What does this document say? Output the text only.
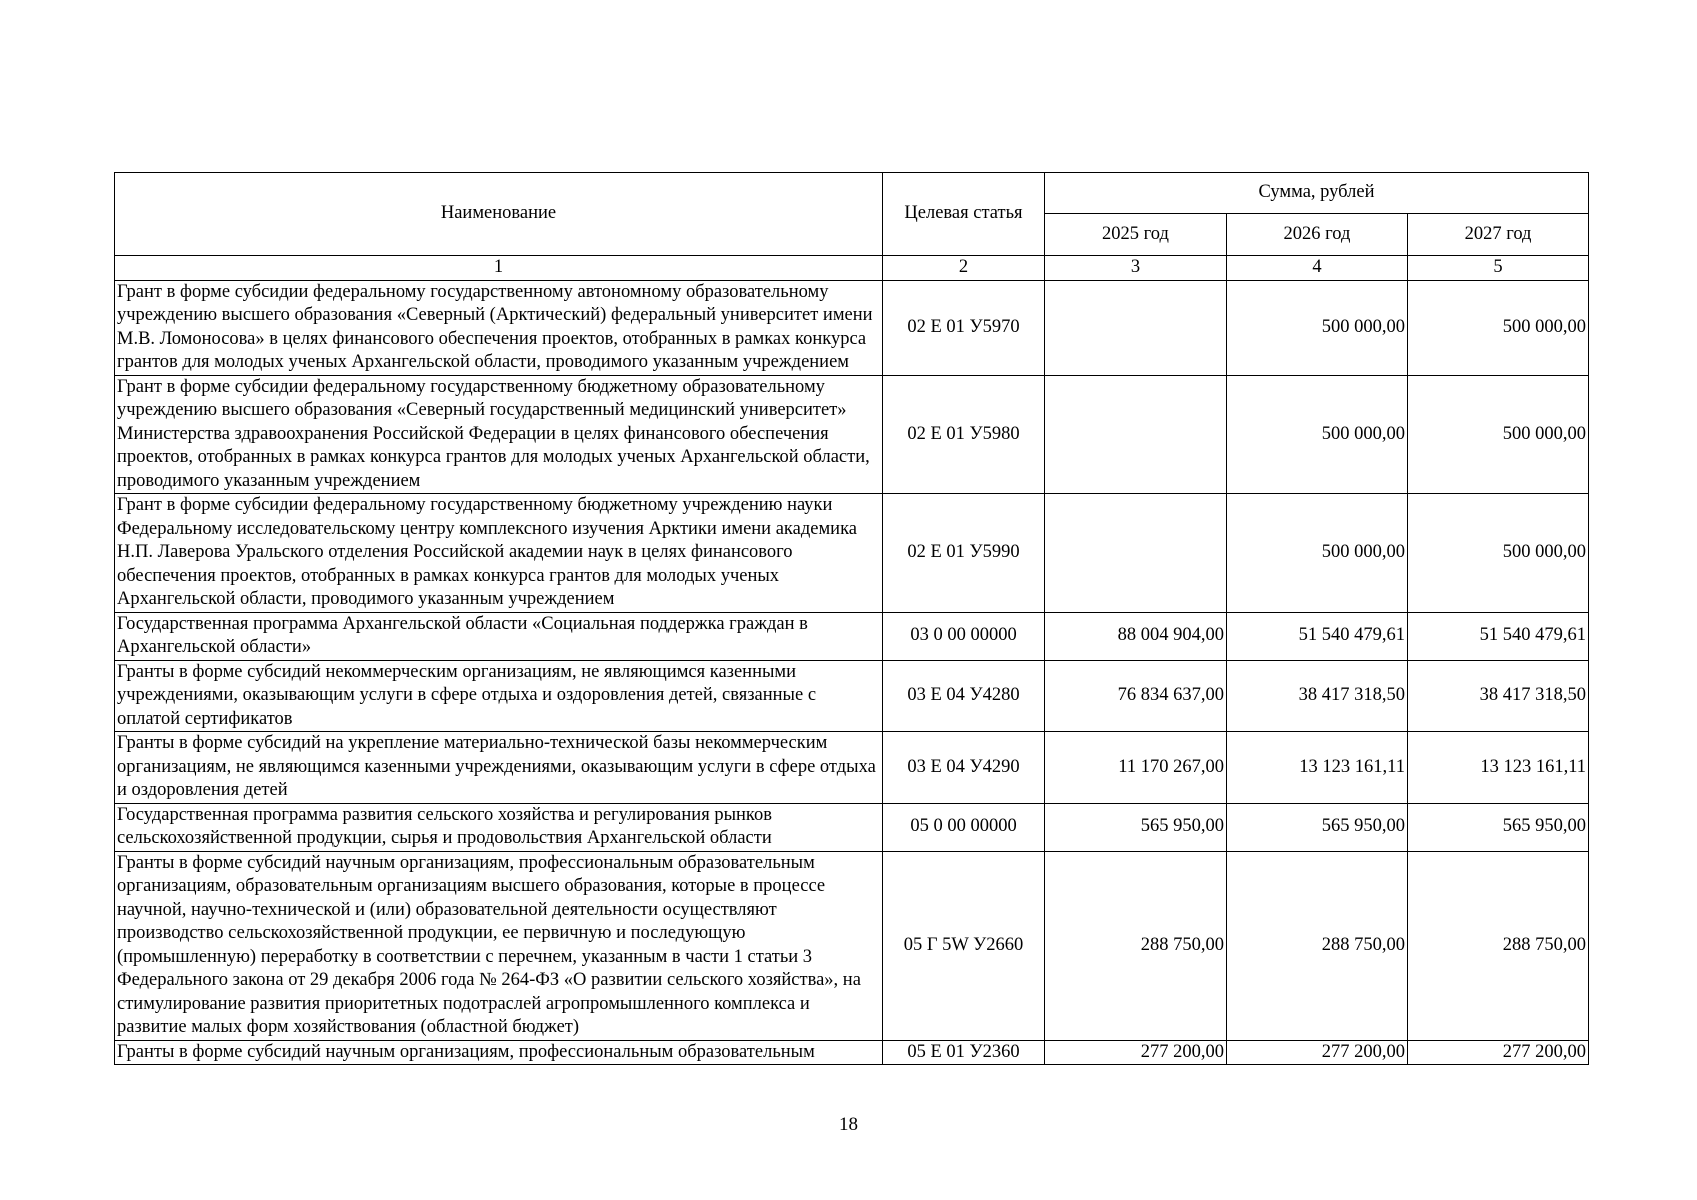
Наименование	Целевая статья	Сумма, рублей		
		2025 год	2026 год	2027 год
1	2	3	4	5
Грант в форме субсидии федеральному государственному автономному образовательному учреждению высшего образования «Северный (Арктический) федеральный университет имени М.В. Ломоносова» в целях финансового обеспечения проектов, отобранных в рамках конкурса грантов для молодых ученых Архангельской области, проводимого указанным учреждением	02 Е 01 У5970		500 000,00	500 000,00
Грант в форме субсидии федеральному государственному бюджетному образовательному учреждению высшего образования «Северный государственный медицинский университет» Министерства здравоохранения Российской Федерации в целях финансового обеспечения проектов, отобранных в рамках конкурса грантов для молодых ученых Архангельской области, проводимого указанным учреждением	02 Е 01 У5980		500 000,00	500 000,00
Грант в форме субсидии федеральному государственному бюджетному учреждению науки Федеральному исследовательскому центру комплексного изучения Арктики имени академика Н.П. Лаверова Уральского отделения Российской академии наук в целях финансового обеспечения проектов, отобранных в рамках конкурса грантов для молодых ученых Архангельской области, проводимого указанным учреждением	02 Е 01 У5990		500 000,00	500 000,00
Государственная программа Архангельской области «Социальная поддержка граждан в Архангельской области»	03 0 00 00000	88 004 904,00	51 540 479,61	51 540 479,61
Гранты в форме субсидий некоммерческим организациям, не являющимся казенными учреждениями, оказывающим услуги в сфере отдыха и оздоровления детей, связанные с оплатой сертификатов	03 Е 04 У4280	76 834 637,00	38 417 318,50	38 417 318,50
Гранты в форме субсидий на укрепление материально-технической базы некоммерческим организациям, не являющимся казенными учреждениями, оказывающим услуги в сфере отдыха и оздоровления детей	03 Е 04 У4290	11 170 267,00	13 123 161,11	13 123 161,11
Государственная программа развития сельского хозяйства и регулирования рынков сельскохозяйственной продукции, сырья и продовольствия Архангельской области	05 0 00 00000	565 950,00	565 950,00	565 950,00
Гранты в форме субсидий научным организациям, профессиональным образовательным организациям, образовательным организациям высшего образования, которые в процессе научной, научно-технической и (или) образовательной деятельности осуществляют производство сельскохозяйственной продукции, ее первичную и последующую (промышленную) переработку в соответствии с перечнем, указанным в части 1 статьи 3 Федерального закона от 29 декабря 2006 года № 264-ФЗ «О развитии сельского хозяйства», на стимулирование развития приоритетных подотраслей агропромышленного комплекса и развитие малых форм хозяйствования (областной бюджет)	05 Г 5W У2660	288 750,00	288 750,00	288 750,00
Гранты в форме субсидий научным организациям, профессиональным образовательным	05 Е 01 У2360	277 200,00	277 200,00	277 200,00
18
